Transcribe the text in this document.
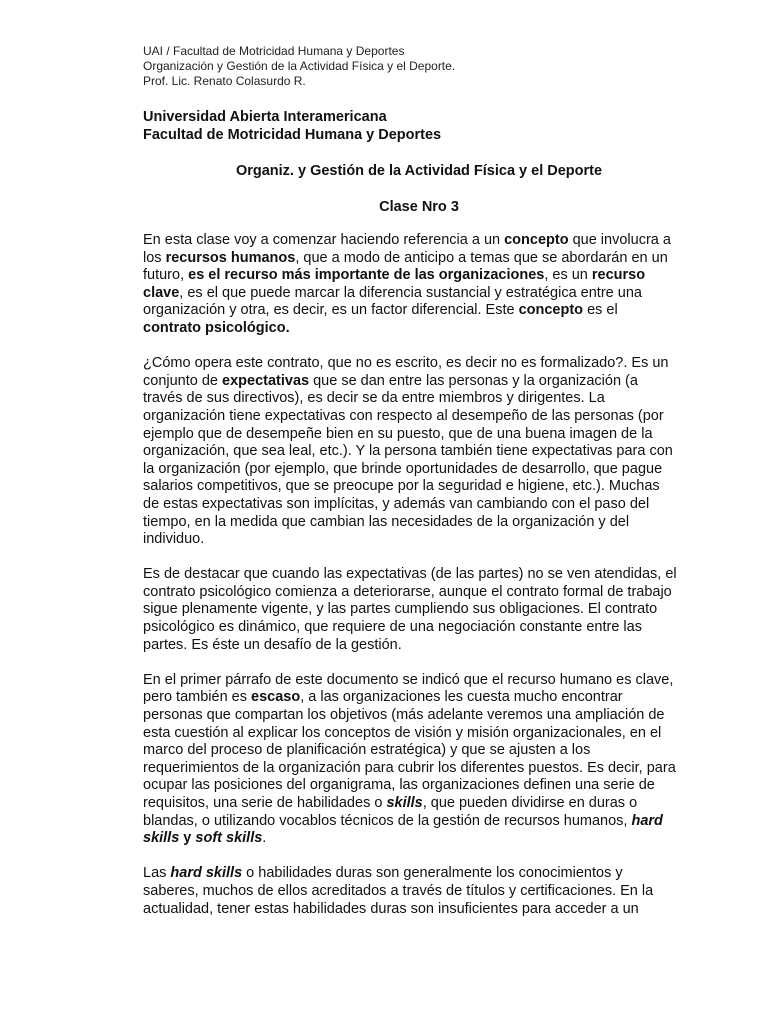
UAI / Facultad de Motricidad Humana y Deportes
Organización y Gestión de la Actividad Física y el Deporte.
Prof. Lic. Renato Colasurdo R.
Universidad Abierta Interamericana
Facultad de Motricidad Humana y Deportes
Organiz. y Gestión de la Actividad Física y el Deporte
Clase Nro 3

En esta clase voy a comenzar haciendo referencia a un concepto que involucra a
los recursos humanos, que a modo de anticipo a temas que se abordarán en un
futuro, es el recurso más importante de las organizaciones, es un recurso
clave, es el que puede marcar la diferencia sustancial y estratégica entre una
organización y otra, es decir, es un factor diferencial. Este concepto es el
contrato psicológico.

¿Cómo opera este contrato, que no es escrito, es decir no es formalizado?. Es un
conjunto de expectativas que se dan entre las personas y la organización (a
través de sus directivos), es decir se da entre miembros y dirigentes. La
organización tiene expectativas con respecto al desempeño de las personas (por
ejemplo que de desempeñe bien en su puesto, que de una buena imagen de la
organización, que sea leal, etc.). Y la persona también tiene expectativas para con
la organización (por ejemplo, que brinde oportunidades de desarrollo, que pague
salarios competitivos, que se preocupe por la seguridad e higiene, etc.). Muchas
de estas expectativas son implícitas, y además van cambiando con el paso del
tiempo, en la medida que cambian las necesidades de la organización y del
individuo.

Es de destacar que cuando las expectativas (de las partes) no se ven atendidas, el
contrato psicológico comienza a deteriorarse, aunque el contrato formal de trabajo
sigue plenamente vigente, y las partes cumpliendo sus obligaciones. El contrato
psicológico es dinámico, que requiere de una negociación constante entre las
partes. Es éste un desafío de la gestión.

En el primer párrafo de este documento se indicó que el recurso humano es clave,
pero también es escaso, a las organizaciones les cuesta mucho encontrar
personas que compartan los objetivos (más adelante veremos una ampliación de
esta cuestión al explicar los conceptos de visión y misión organizacionales, en el
marco del proceso de planificación estratégica) y que se ajusten a los
requerimientos de la organización para cubrir los diferentes puestos. Es decir, para
ocupar las posiciones del organigrama, las organizaciones definen una serie de
requisitos, una serie de habilidades o skills, que pueden dividirse en duras o
blandas, o utilizando vocablos técnicos de la gestión de recursos humanos, hard
skills y soft skills.

Las hard skills o habilidades duras son generalmente los conocimientos y
saberes, muchos de ellos acreditados a través de títulos y certificaciones. En la
actualidad, tener estas habilidades duras son insuficientes para acceder a un
